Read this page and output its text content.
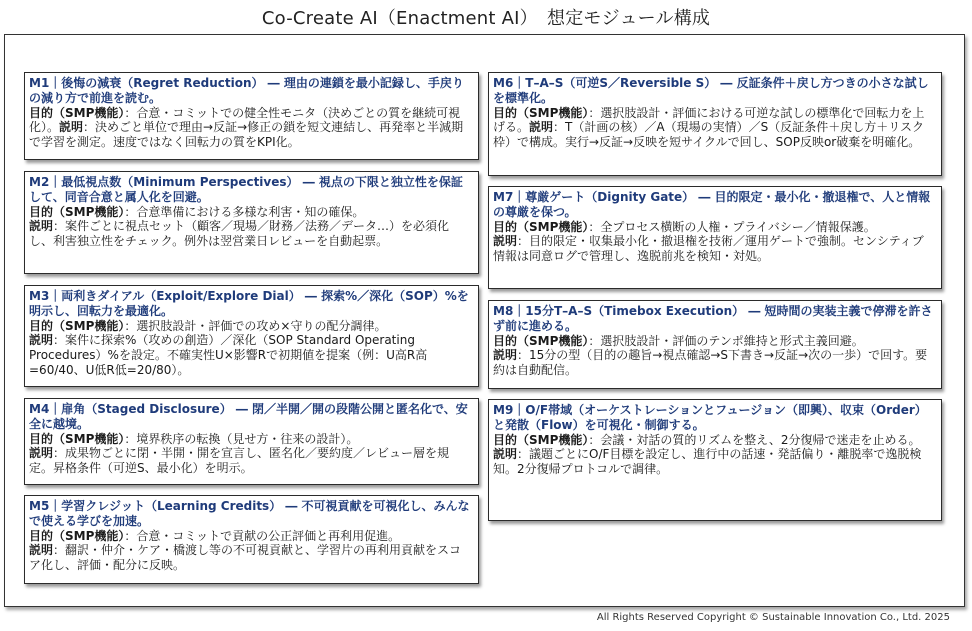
Co-Create AI（Enactment AI）　想定モジュール構成
M1｜後悔の減衰（Regret Reduction） ― 理由の連鎖を最小記録し、手戻りの減り方で前進を読む。
目的（SMP機能）：合意・コミットでの健全性モニタ（決めごとの質を継続可視化）。説明：決めごと単位で理由→反証→修正の鎖を短文連結し、再発率と半減期で学習を測定。速度ではなく回転力の質をKPI化。
M2｜最低視点数（Minimum Perspectives） ― 視点の下限と独立性を保証して、同音合意と属人化を回避。
目的（SMP機能）：合意準備における多様な利害・知の確保。
説明：案件ごとに視点セット（顧客／現場／財務／法務／データ…）を必須化し、利害独立性をチェック。例外は翌営業日レビューを自動起票。
M3｜両利きダイアル（Exploit/Explore Dial） ― 探索%／深化（SOP）%を明示し、回転力を最適化。
目的（SMP機能）：選択肢設計・評価での攻め×守りの配分調律。
説明：案件に探索%（攻めの創造）／深化（SOP Standard Operating Procedures）%を設定。不確実性U×影響Rで初期値を提案（例：U高R高=60/40、U低R低=20/80）。
M4｜扉角（Staged Disclosure） ― 閉／半開／開の段階公開と匿名化で、安全に越境。
目的（SMP機能）：境界秩序の転換（見せ方・往来の設計）。
説明：成果物ごとに閉・半開・開を宣言し、匿名化／要約度／レビュー層を規定。昇格条件（可逆S、最小化）を明示。
M5｜学習クレジット（Learning Credits） ― 不可視貢献を可視化し、みんなで使える学びを加速。
目的（SMP機能）：合意・コミットで貢献の公正評価と再利用促進。
説明：翻訳・仲介・ケア・橋渡し等の不可視貢献と、学習片の再利用貢献をスコア化し、評価・配分に反映。
M6｜T–A–S（可逆S／Reversible S） ― 反証条件＋戻し方つきの小さな試しを標準化。
目的（SMP機能）：選択肢設計・評価における可逆な試しの標準化で回転力を上げる。説明：T（計画の核）／A（現場の実情）／S（反証条件＋戻し方＋リスク枠）で構成。実行→反証→反映を短サイクルで回し、SOP反映or破棄を明確化。
M7｜尊厳ゲート（Dignity Gate） ― 目的限定・最小化・撤退権で、人と情報の尊厳を保つ。
目的（SMP機能）：全プロセス横断の人権・プライバシー／情報保護。
説明：目的限定・収集最小化・撤退権を技術／運用ゲートで強制。センシティブ情報は同意ログで管理し、逸脱前兆を検知・対処。
M8｜15分T–A–S（Timebox Execution） ― 短時間の実装主義で停滞を許さず前に進める。
目的（SMP機能）：選択肢設計・評価のテンポ維持と形式主義回避。
説明：15分の型（目的の趣旨→視点確認→S下書き→反証→次の一歩）で回す。要約は自動配信。
M9｜O/F帯域（オーケストレーションとフュージョン（即興）、収束（Order）と発散（Flow）を可視化・制御する。
目的（SMP機能）：会議・対話の質的リズムを整え、2分復帰で迷走を止める。
説明：議題ごとにO/F目標を設定し、進行中の話速・発話偏り・離脱率で逸脱検知。2分復帰プロトコルで調律。
All Rights Reserved Copyright © Sustainable Innovation Co., Ltd. 2025
